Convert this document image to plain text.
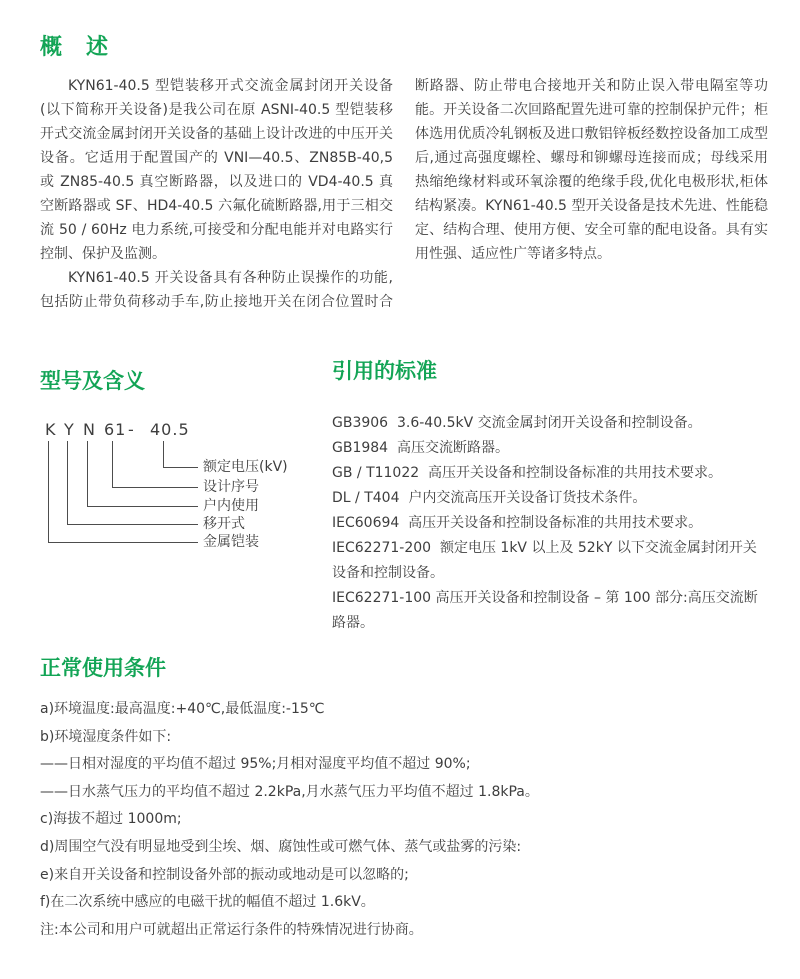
概　述

KYN61-40.5 型铠装移开式交流金属封闭开关设备(以下简称开关设备)是我公司在原 ASNI-40.5 型铠装移开式交流金属封闭开关设备的基础上设计改进的中压开关设备。它适用于配置国产的 VNI—40.5、ZN85B-40,5 或 ZN85-40.5 真空断路器，以及进口的 VD4-40.5 真空断路器或 SF、HD4-40.5 六氟化硫断路器,用于三相交流 50 / 60Hz 电力系统,可接受和分配电能并对电路实行控制、保护及监测。

KYN61-40.5 开关设备具有各种防止误操作的功能,包括防止带负荷移动手车,防止接地开关在闭合位置时合断路器、防止带电合接地开关和防止误入带电隔室等功能。开关设备二次回路配置先进可靠的控制保护元件；柜体选用优质冷轧钢板及进口敷铝锌板经数控设备加工成型后,通过高强度螺栓、螺母和铆螺母连接而成；母线采用热缩绝缘材料或环氧涂覆的绝缘手段,优化电极形状,柜体结构紧凑。KYN61-40.5 型开关设备是技术先进、性能稳定、结构合理、使用方便、安全可靠的配电设备。具有实用性强、适应性广等诸多特点。

型号及含义
K Y N 61 - 40.5
额定电压(kV)
设计序号
户内使用
移开式
金属铠装
引用的标准
GB3906  3.6-40.5kV 交流金属封闭开关设备和控制设备。
GB1984  高压交流断路器。
GB / T11022  高压开关设备和控制设备标准的共用技术要求。
DL / T404  户内交流高压开关设备订货技术条件。
IEC60694  高压开关设备和控制设备标准的共用技术要求。
IEC62271-200  额定电压 1kV 以上及 52kY 以下交流金属封闭开关设备和控制设备。
IEC62271-100 高压开关设备和控制设备 – 第 100 部分:高压交流断路器。
正常使用条件
a)环境温度:最高温度:+40℃,最低温度:-15℃
b)环境湿度条件如下:
——日相对湿度的平均值不超过 95%;月相对湿度平均值不超过 90%;
——日水蒸气压力的平均值不超过 2.2kPa,月水蒸气压力平均值不超过 1.8kPa。
c)海拔不超过 1000m;
d)周围空气没有明显地受到尘埃、烟、腐蚀性或可燃气体、蒸气或盐雾的污染:
e)来自开关设备和控制设备外部的振动或地动是可以忽略的;
f)在二次系统中感应的电磁干扰的幅值不超过 1.6kV。
注:本公司和用户可就超出正常运行条件的特殊情况进行协商。
